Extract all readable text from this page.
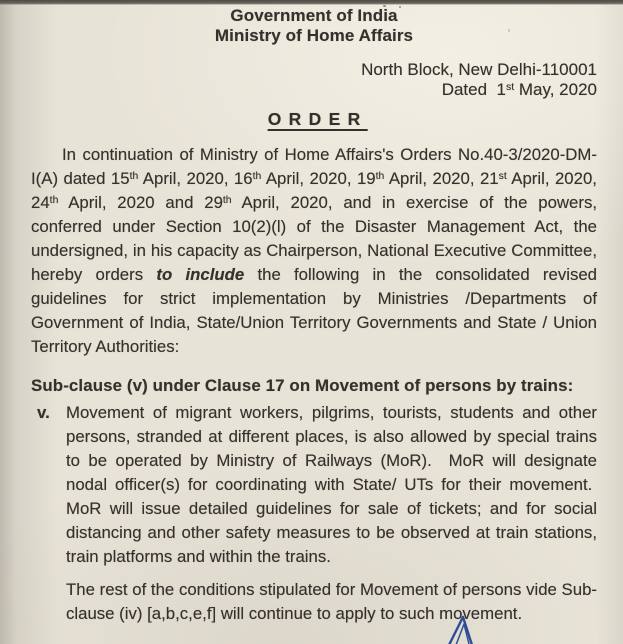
Government of India
Ministry of Home Affairs
North Block, New Delhi-110001
Dated  1st May, 2020
ORDER

In continuation of Ministry of Home Affairs's Orders No.40-3/2020-DM-I(A) dated 15th April, 2020, 16th April, 2020, 19th April, 2020, 21st April, 2020, 24th April, 2020 and 29th April, 2020, and in exercise of the powers, conferred under Section 10(2)(l) of the Disaster Management Act, the undersigned, in his capacity as Chairperson, National Executive Committee, hereby orders to include the following in the consolidated revised guidelines for strict implementation by Ministries /Departments of Government of India, State/Union Territory Governments and State / Union Territory Authorities:

Sub-clause (v) under Clause 17 on Movement of persons by trains:

v. Movement of migrant workers, pilgrims, tourists, students and other persons, stranded at different places, is also allowed by special trains to be operated by Ministry of Railways (MoR).  MoR will designate nodal officer(s) for coordinating with State/ UTs for their movement.  MoR will issue detailed guidelines for sale of tickets; and for social distancing and other safety measures to be observed at train stations, train platforms and within the trains.

The rest of the conditions stipulated for Movement of persons vide Sub-clause (iv) [a,b,c,e,f] will continue to apply to such movement.
